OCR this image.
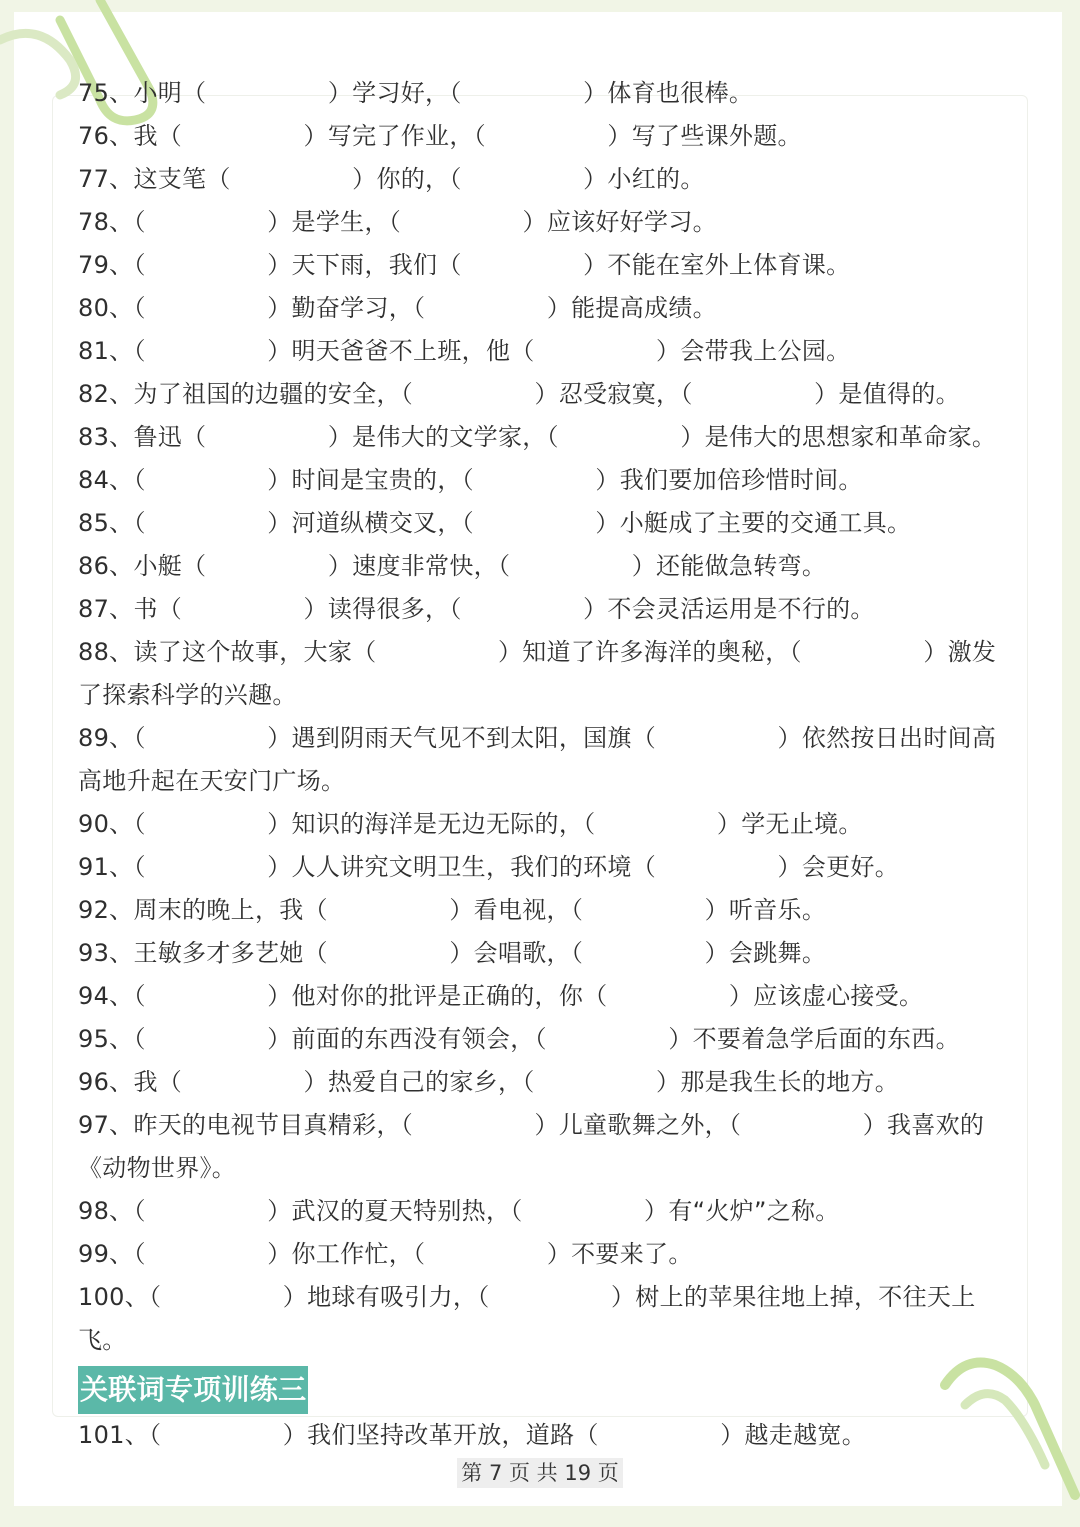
75、小明（　　　　　）学习好，（　　　　　）体育也很棒。
76、我（　　　　　）写完了作业，（　　　　　）写了些课外题。
77、这支笔（　　　　　）你的，（　　　　　）小红的。
78、（　　　　　）是学生，（　　　　　）应该好好学习。
79、（　　　　　）天下雨，我们（　　　　　）不能在室外上体育课。
80、（　　　　　）勤奋学习，（　　　　　）能提高成绩。
81、（　　　　　）明天爸爸不上班，他（　　　　　）会带我上公园。
82、为了祖国的边疆的安全，（　　　　　）忍受寂寞，（　　　　　）是值得的。
83、鲁迅（　　　　　）是伟大的文学家，（　　　　　）是伟大的思想家和革命家。
84、（　　　　　）时间是宝贵的，（　　　　　）我们要加倍珍惜时间。
85、（　　　　　）河道纵横交叉，（　　　　　）小艇成了主要的交通工具。
86、小艇（　　　　　）速度非常快，（　　　　　）还能做急转弯。
87、书（　　　　　）读得很多，（　　　　　）不会灵活运用是不行的。
88、读了这个故事，大家（　　　　　）知道了许多海洋的奥秘，（　　　　　）激发了探索科学的兴趣。
89、（　　　　　）遇到阴雨天气见不到太阳，国旗（　　　　　）依然按日出时间高高地升起在天安门广场。
90、（　　　　　）知识的海洋是无边无际的，（　　　　　）学无止境。
91、（　　　　　）人人讲究文明卫生，我们的环境（　　　　　）会更好。
92、周末的晚上，我（　　　　　）看电视，（　　　　　）听音乐。
93、王敏多才多艺她（　　　　　）会唱歌，（　　　　　）会跳舞。
94、（　　　　　）他对你的批评是正确的，你（　　　　　）应该虚心接受。
95、（　　　　　）前面的东西没有领会，（　　　　　）不要着急学后面的东西。
96、我（　　　　　）热爱自己的家乡，（　　　　　）那是我生长的地方。
97、昨天的电视节目真精彩，（　　　　　）儿童歌舞之外，（　　　　　）我喜欢的《动物世界》。
98、（　　　　　）武汉的夏天特别热，（　　　　　）有“火炉”之称。
99、（　　　　　）你工作忙，（　　　　　）不要来了。
100、（　　　　　）地球有吸引力，（　　　　　）树上的苹果往地上掉，不往天上飞。
关联词专项训练三
101、（　　　　　）我们坚持改革开放，道路（　　　　　）越走越宽。
第 7 页 共 19 页
